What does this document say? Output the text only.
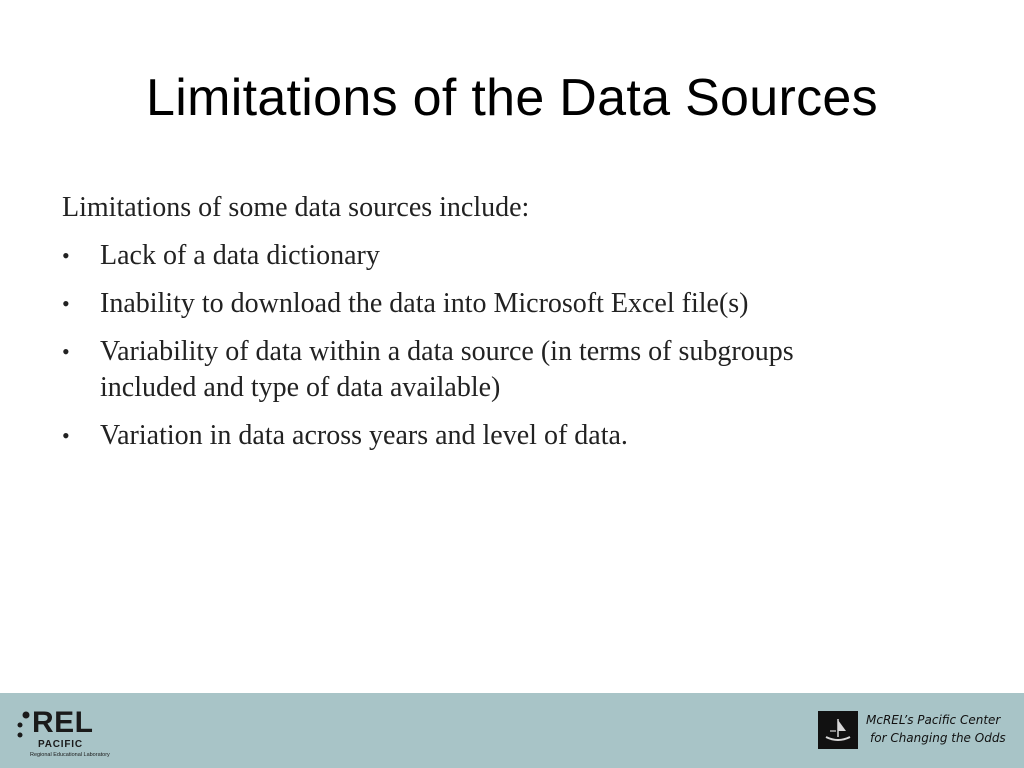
Limitations of the Data Sources
Limitations of some data sources include:
•	Lack of a data dictionary
•	Inability to download the data into Microsoft Excel file(s)
•	Variability of data within a data source (in terms of subgroups included and type of data available)
•	Variation in data across years and level of data.
REL
PACIFIC
Regional Educational Laboratory
McREL’s Pacific Center
for Changing the Odds
